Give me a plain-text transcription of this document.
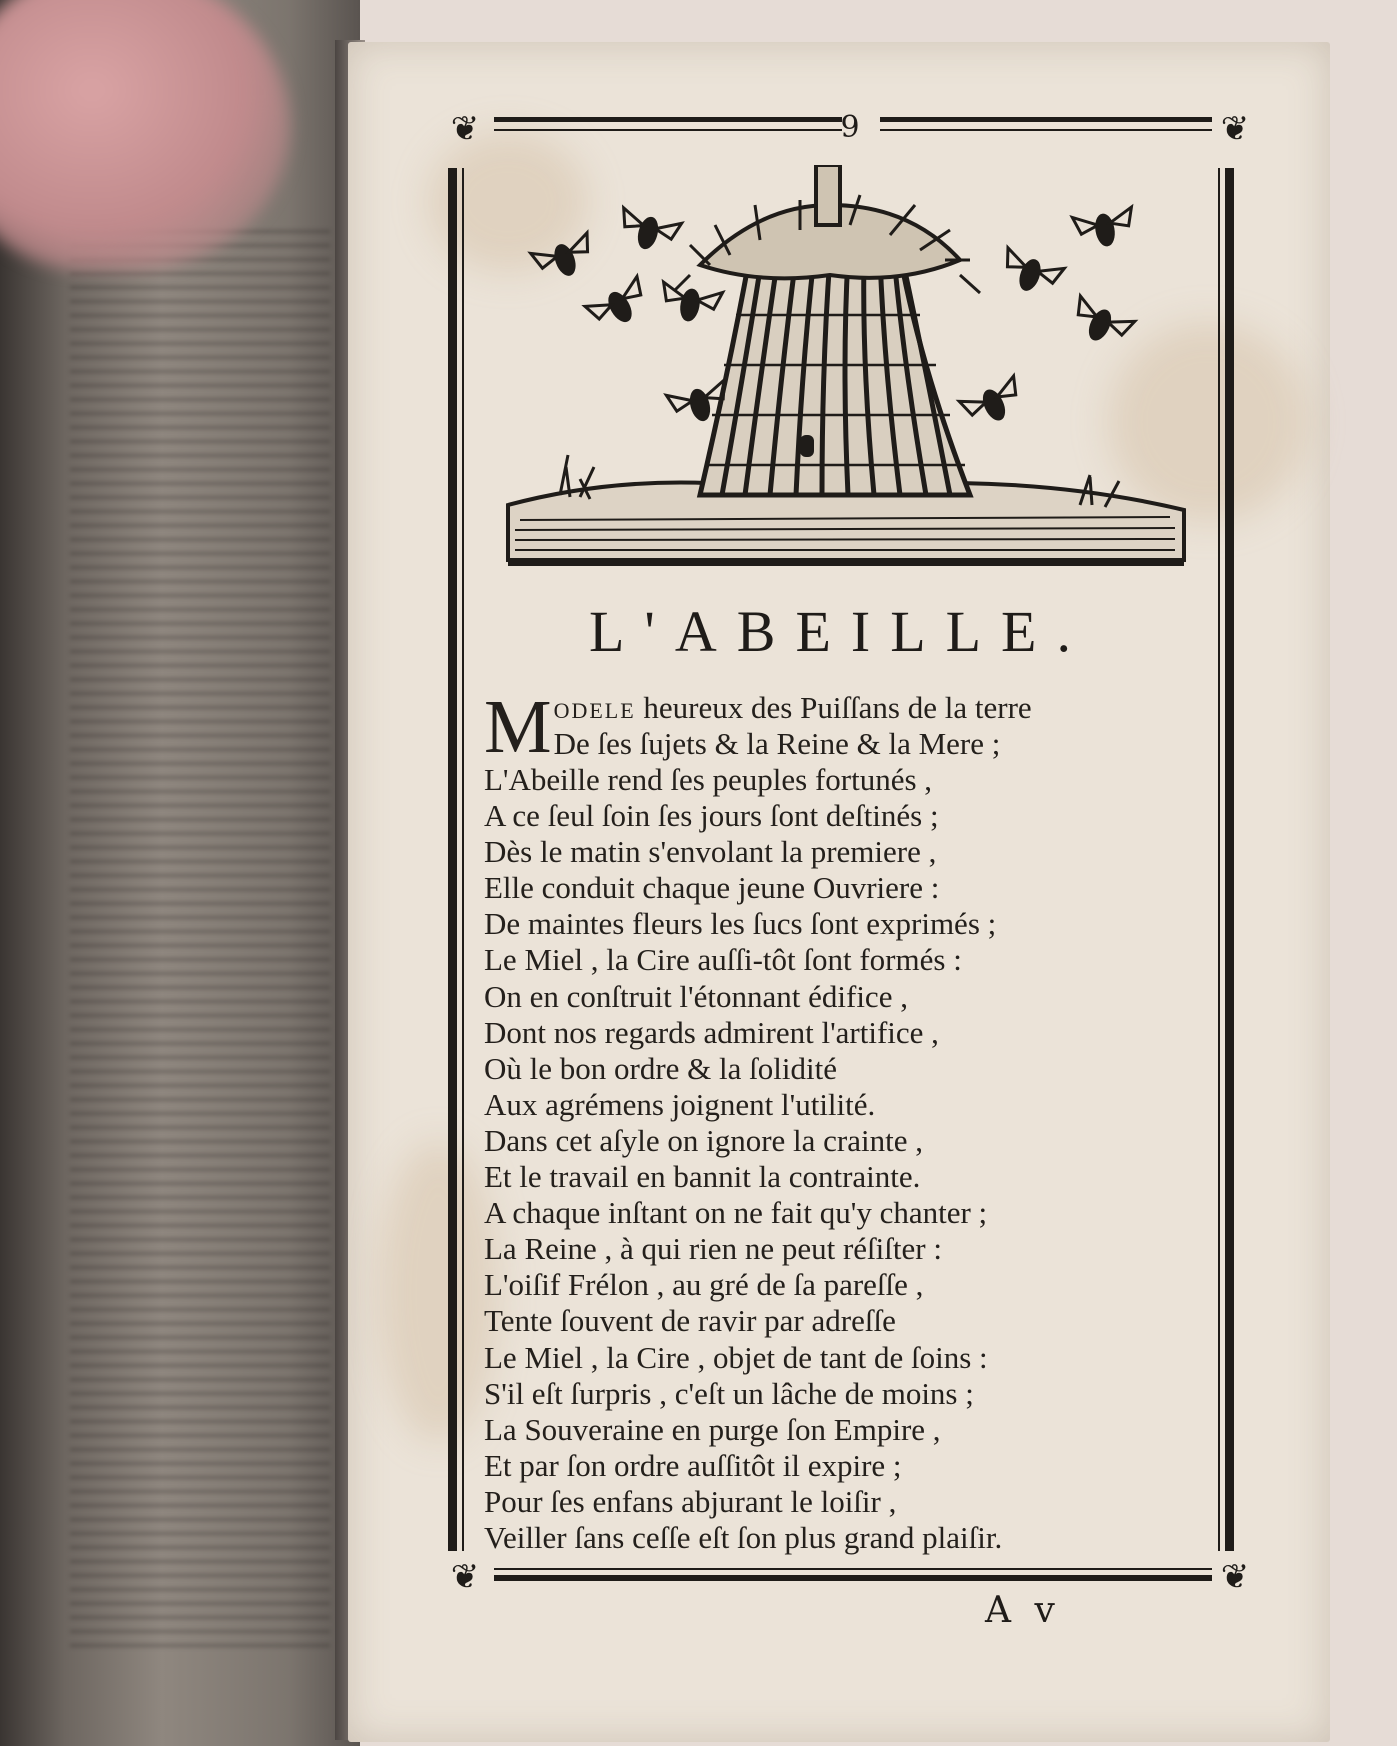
❦	❦
❦	❦
9
L'ABEILLE.
M odele heureux des Puiſſans de la terre
De ſes ſujets & la Reine & la Mere ;
L'Abeille rend ſes peuples fortunés ,
A ce ſeul ſoin ſes jours ſont deſtinés ;
Dès le matin s'envolant la premiere ,
Elle conduit chaque jeune Ouvriere :
De maintes fleurs les ſucs ſont exprimés ;
Le Miel , la Cire auſſi-tôt ſont formés :
On en conſtruit l'étonnant édifice ,
Dont nos regards admirent l'artifice ,
Où le bon ordre & la ſolidité
Aux agrémens joignent l'utilité.
Dans cet aſyle on ignore la crainte ,
Et le travail en bannit la contrainte.
A chaque inſtant on ne fait qu'y chanter ;
La Reine , à qui rien ne peut réſiſter :
L'oiſif Frélon , au gré de ſa pareſſe ,
Tente ſouvent de ravir par adreſſe
Le Miel , la Cire , objet de tant de ſoins :
S'il eſt ſurpris , c'eſt un lâche de moins ;
La Souveraine en purge ſon Empire ,
Et par ſon ordre auſſitôt il expire ;
Pour ſes enfans abjurant le loiſir ,
Veiller ſans ceſſe eſt ſon plus grand plaiſir.
A v
